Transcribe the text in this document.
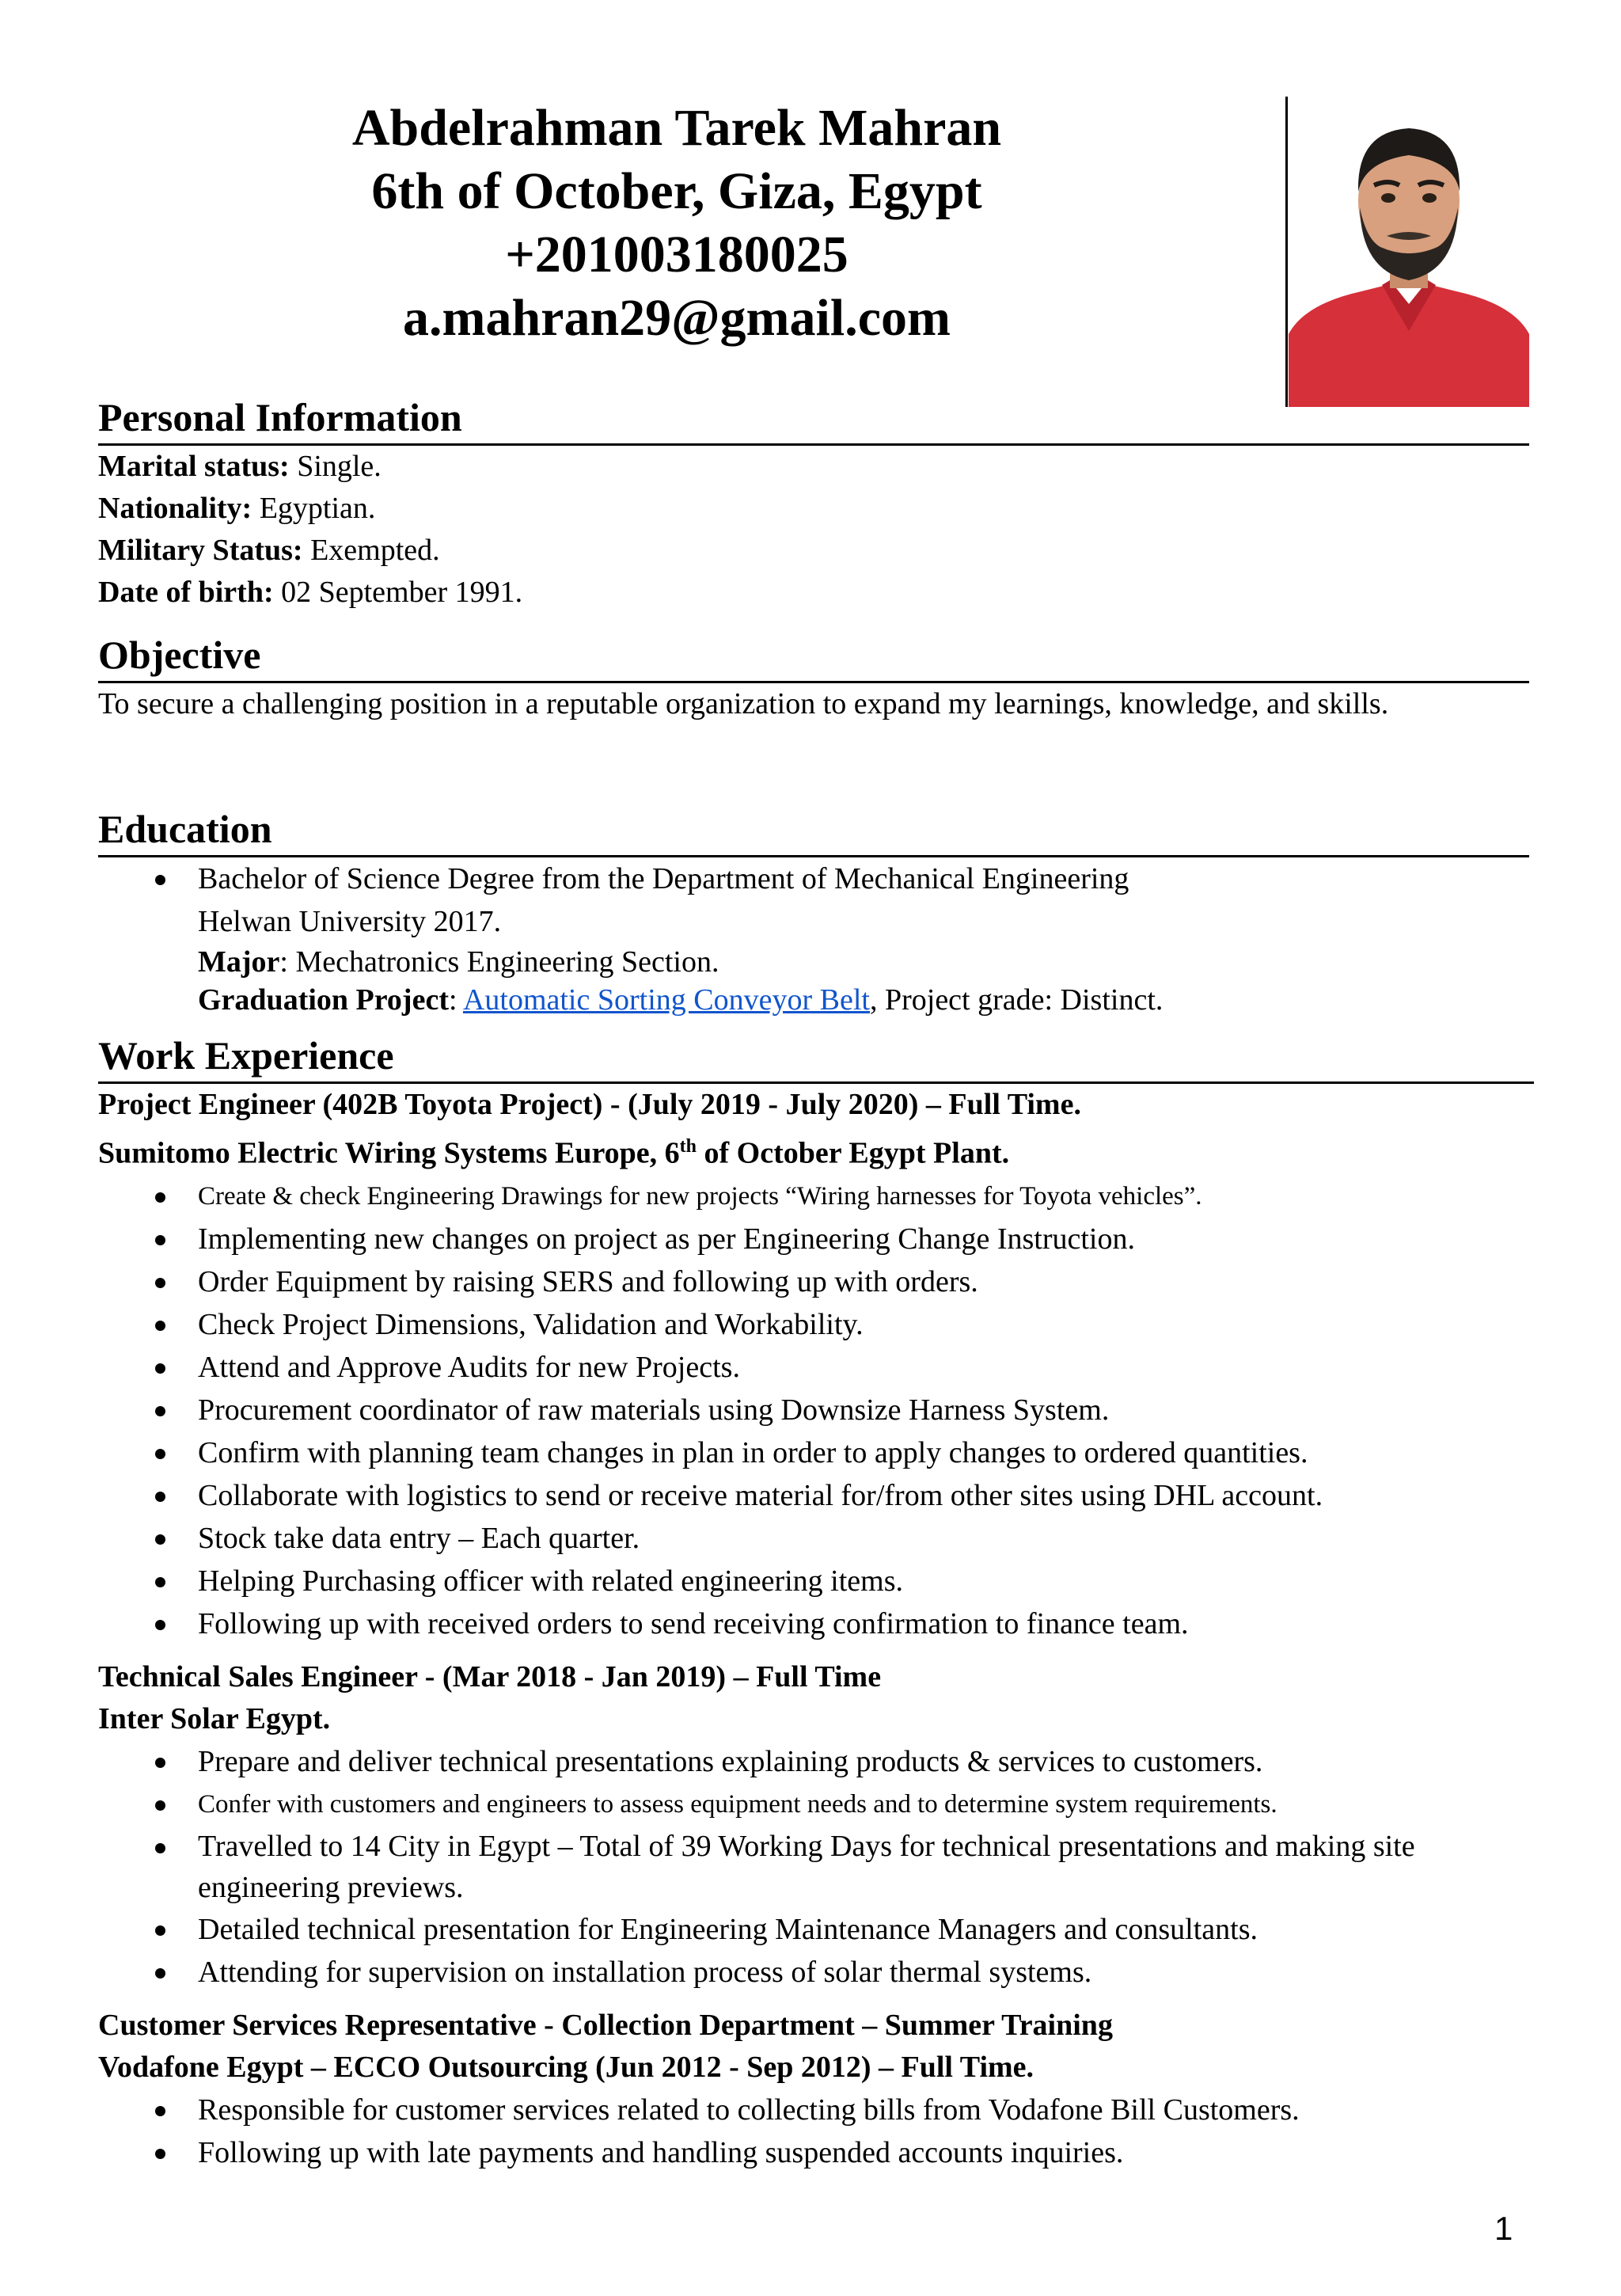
Abdelrahman Tarek Mahran
6th of October, Giza, Egypt
+201003180025
a.mahran29@gmail.com
Personal Information
Marital status: Single.
Nationality: Egyptian.
Military Status: Exempted.
Date of birth: 02 September 1991.
Objective
To secure a challenging position in a reputable organization to expand my learnings, knowledge, and skills.
Education
Bachelor of Science Degree from the Department of Mechanical Engineering
Helwan University 2017.
Major: Mechatronics Engineering Section.
Graduation Project: Automatic Sorting Conveyor Belt, Project grade: Distinct.
Work Experience
Project Engineer (402B Toyota Project) - (July 2019 - July 2020) – Full Time.
Sumitomo Electric Wiring Systems Europe, 6th of October Egypt Plant.
Create & check Engineering Drawings for new projects “Wiring harnesses for Toyota vehicles”.
Implementing new changes on project as per Engineering Change Instruction.
Order Equipment by raising SERS and following up with orders.
Check Project Dimensions, Validation and Workability.
Attend and Approve Audits for new Projects.
Procurement coordinator of raw materials using Downsize Harness System.
Confirm with planning team changes in plan in order to apply changes to ordered quantities.
Collaborate with logistics to send or receive material for/from other sites using DHL account.
Stock take data entry – Each quarter.
Helping Purchasing officer with related engineering items.
Following up with received orders to send receiving confirmation to finance team.
Technical Sales Engineer - (Mar 2018 - Jan 2019) – Full Time
Inter Solar Egypt.
Prepare and deliver technical presentations explaining products & services to customers.
Confer with customers and engineers to assess equipment needs and to determine system requirements.
Travelled to 14 City in Egypt – Total of 39 Working Days for technical presentations and making site engineering previews.
Detailed technical presentation for Engineering Maintenance Managers and consultants.
Attending for supervision on installation process of solar thermal systems.
Customer Services Representative - Collection Department – Summer Training
Vodafone Egypt – ECCO Outsourcing (Jun 2012 - Sep 2012) – Full Time.
Responsible for customer services related to collecting bills from Vodafone Bill Customers.
Following up with late payments and handling suspended accounts inquiries.
1
